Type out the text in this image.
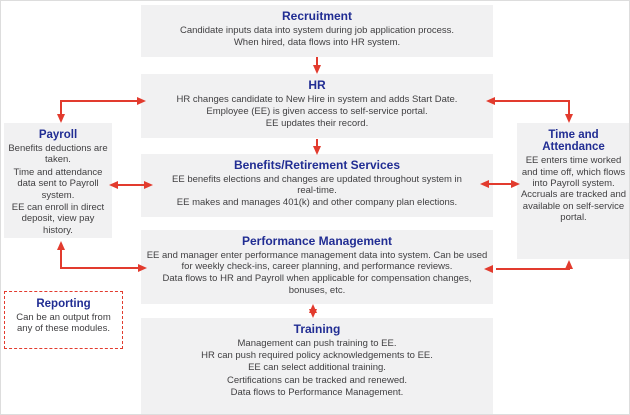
Recruitment

Candidate inputs data into system during job application process.

When hired, data flows into HR system.

HR

HR changes candidate to New Hire in system and adds Start Date.

Employee (EE) is given access to self-service portal.

EE updates their record.

Benefits/Retirement Services

EE benefits elections and changes are updated throughout system in real-time.

EE makes and manages 401(k) and other company plan elections.

Performance Management

EE and manager enter performance management data into system. Can be used for weekly check-ins, career planning, and performance reviews.

Data flows to HR and Payroll when applicable for compensation changes, bonuses, etc.

Training

Management can push training to EE.

HR can push required policy acknowledgements to EE.

EE can select additional training.

Certifications can be tracked and renewed.

Data flows to Performance Management.

Payroll

Benefits deductions are taken.

Time and attendance data sent to Payroll system.

EE can enroll in direct deposit, view pay history.

Time and Attendance

EE enters time worked and time off, which flows into Payroll system. Accruals are tracked and available on self-service portal.

Reporting

Can be an output from any of these modules.
